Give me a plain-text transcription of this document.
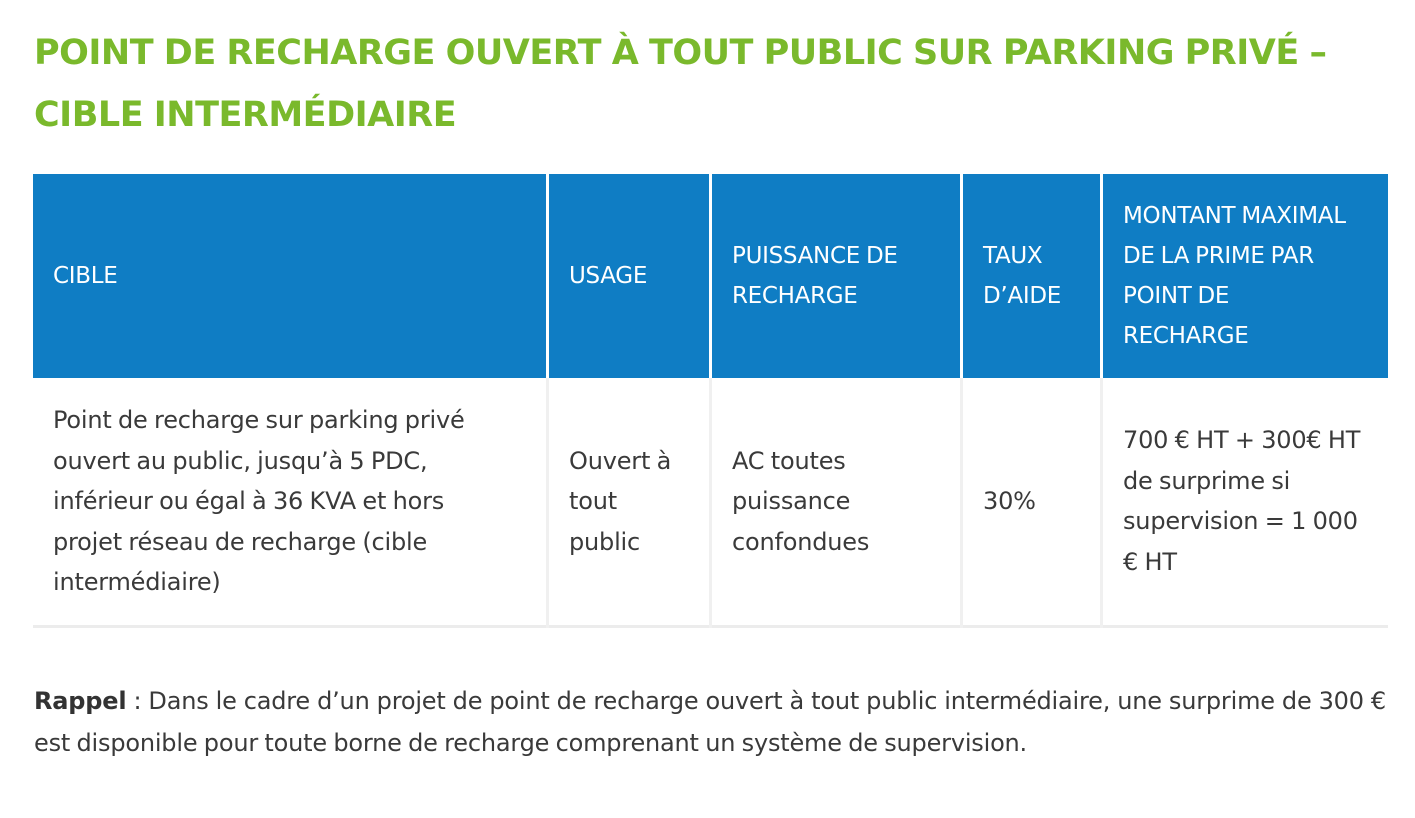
POINT DE RECHARGE OUVERT À TOUT PUBLIC SUR PARKING PRIVÉ – CIBLE INTERMÉDIAIRE
CIBLE	USAGE	PUISSANCE DE RECHARGE	TAUX D’AIDE	MONTANT MAXIMAL DE LA PRIME PAR POINT DE RECHARGE
Point de recharge sur parking privé ouvert au public, jusqu’à 5 PDC, inférieur ou égal à 36 KVA et hors projet réseau de recharge (cible intermédiaire)	Ouvert à tout public	AC toutes puissance confondues	30%	700 € HT + 300€ HT de surprime si supervision = 1 000 € HT

Rappel : Dans le cadre d’un projet de point de recharge ouvert à tout public intermédiaire, une surprime de 300 € est disponible pour toute borne de recharge comprenant un système de supervision.
